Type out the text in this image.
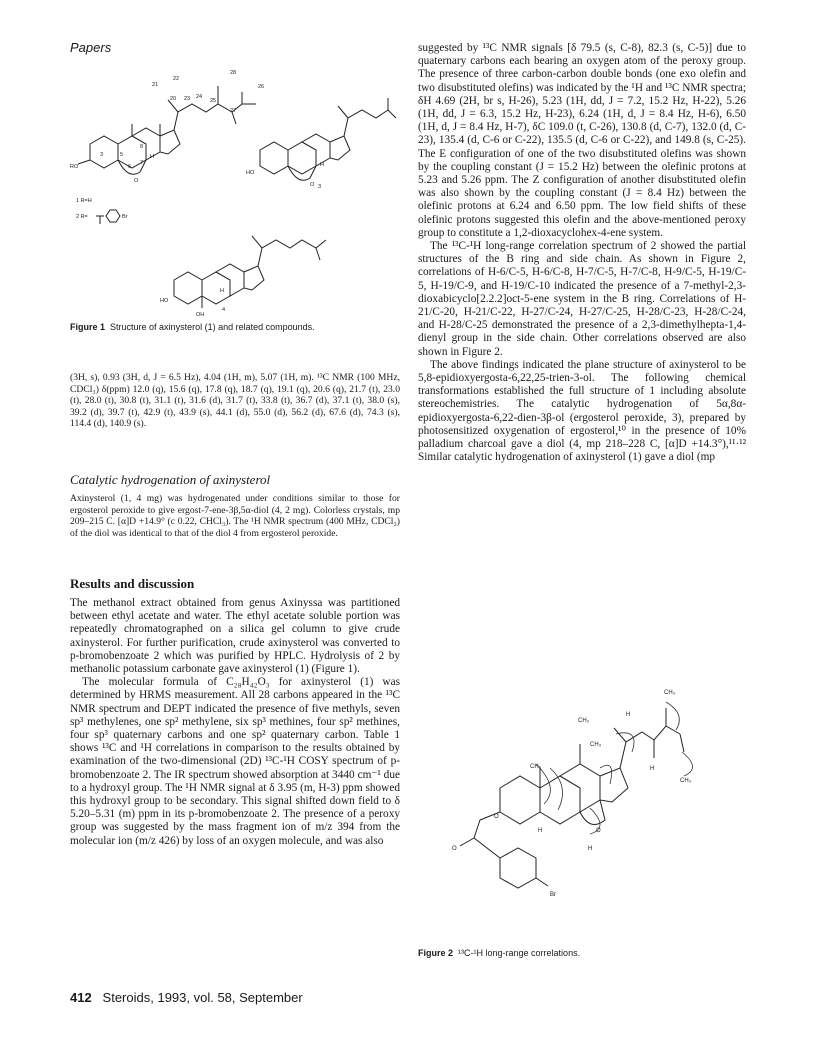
Papers
28
21
22
20 23 24
26
25
27
3	5
6
7
8
RO
O
H
1 R=H
2 R=	Br
HO
O
H
3
HO
OH
H
4
Figure 1 Structure of axinysterol (1) and related compounds.

(3H, s), 0.93 (3H, d, J = 6.5 Hz), 4.04 (1H, m), 5.07 (1H, m). ¹³C NMR (100 MHz, CDCl₃) δ(ppm) 12.0 (q), 15.6 (q), 17.8 (q), 18.7 (q), 19.1 (q), 20.6 (q), 21.7 (t), 23.0 (t), 28.0 (t), 30.8 (t), 31.1 (t), 31.6 (d), 31.7 (t), 33.8 (t), 36.7 (d), 37.1 (t), 38.0 (s), 39.2 (d), 39.7 (t), 42.9 (t), 43.9 (s), 44.1 (d), 55.0 (d), 56.2 (d), 67.6 (d), 74.3 (s), 114.4 (d), 140.9 (s).

Catalytic hydrogenation of axinysterol

Axinysterol (1, 4 mg) was hydrogenated under conditions similar to those for ergosterol peroxide to give ergost-7-ene-3β,5α-diol (4, 2 mg). Colorless crystals, mp 209–215 C. [α]D +14.9° (c 0.22, CHCl₃). The ¹H NMR spectrum (400 MHz, CDCl₃) of the diol was identical to that of the diol 4 from ergosterol peroxide.

Results and discussion

The methanol extract obtained from genus Axinyssa was partitioned between ethyl acetate and water. The ethyl acetate soluble portion was repeatedly chromatographed on a silica gel column to give crude axinysterol. For further purification, crude axinysterol was converted to p-bromobenzoate 2 which was purified by HPLC. Hydrolysis of 2 by methanolic potassium carbonate gave axinysterol (1) (Figure 1).

The molecular formula of C₂₈H₄₂O₃ for axinysterol (1) was determined by HRMS measurement. All 28 carbons appeared in the ¹³C NMR spectrum and DEPT indicated the presence of five methyls, seven sp³ methylenes, one sp² methylene, six sp³ methines, four sp² methines, four sp³ quaternary carbons and one sp² quaternary carbon. Table 1 shows ¹³C and ¹H correlations in comparison to the results obtained by examination of the two-dimensional (2D) ¹³C-¹H COSY spectrum of p-bromobenzoate 2. The IR spectrum showed absorption at 3440 cm⁻¹ due to a hydroxyl group. The ¹H NMR signal at δ 3.95 (m, H-3) ppm showed this hydroxyl group to be secondary. This signal shifted down field to δ 5.20–5.31 (m) ppm in its p-bromobenzoate 2. The presence of a peroxy group was suggested by the mass fragment ion of m/z 394 from the molecular ion (m/z 426) by loss of an oxygen molecule, and was also

suggested by ¹³C NMR signals [δ 79.5 (s, C-8), 82.3 (s, C-5)] due to quaternary carbons each bearing an oxygen atom of the peroxy group. The presence of three carbon-carbon double bonds (one exo olefin and two disubstituted olefins) was indicated by the ¹H and ¹³C NMR spectra; δH 4.69 (2H, br s, H-26), 5.23 (1H, dd, J = 7.2, 15.2 Hz, H-22), 5.26 (1H, dd, J = 6.3, 15.2 Hz, H-23), 6.24 (1H, d, J = 8.4 Hz, H-6), 6.50 (1H, d, J = 8.4 Hz, H-7), δC 109.0 (t, C-26), 130.8 (d, C-7), 132.0 (d, C-23), 135.4 (d, C-6 or C-22), 135.5 (d, C-6 or C-22), and 149.8 (s, C-25). The E configuration of one of the two disubstituted olefins was shown by the coupling constant (J = 15.2 Hz) between the olefinic protons at 5.23 and 5.26 ppm. The Z configuration of another disubstituted olefin was also shown by the coupling constant (J = 8.4 Hz) between the olefinic protons at 6.24 and 6.50 ppm. The low field shifts of these olefinic protons suggested this olefin and the above-mentioned peroxy group to constitute a 1,2-dioxacyclohex-4-ene system.

The ¹³C-¹H long-range correlation spectrum of 2 showed the partial structures of the B ring and side chain. As shown in Figure 2, correlations of H-6/C-5, H-6/C-8, H-7/C-5, H-7/C-8, H-9/C-5, H-19/C-5, H-19/C-9, and H-19/C-10 indicated the presence of a 7-methyl-2,3-dioxabicyclo[2.2.2]oct-5-ene system in the B ring. Correlations of H-21/C-20, H-21/C-22, H-27/C-24, H-27/C-25, H-28/C-23, H-28/C-24, and H-28/C-25 demonstrated the presence of a 2,3-dimethylhepta-1,4-dienyl group in the side chain. Other correlations observed are also shown in Figure 2.

The above findings indicated the plane structure of axinysterol to be 5,8-epidioxyergosta-6,22,25-trien-3-ol. The following chemical transformations established the full structure of 1 including absolute stereochemistries. The catalytic hydrogenation of 5α,8α-epidioxyergosta-6,22-dien-3β-ol (ergosterol peroxide, 3), prepared by photosensitized oxygenation of ergosterol,¹⁰ in the presence of 10% palladium charcoal gave a diol (4, mp 218–228 C, [α]D +14.3°),¹¹·¹² Similar catalytic hydrogenation of axinysterol (1) gave a diol (mp

CH₃
CH₃
CH₃
CH₃
CH₃
H
H
H
H
O
O
O
Br
Figure 2 ¹³C-¹H long-range correlations.
412 Steroids, 1993, vol. 58, September
